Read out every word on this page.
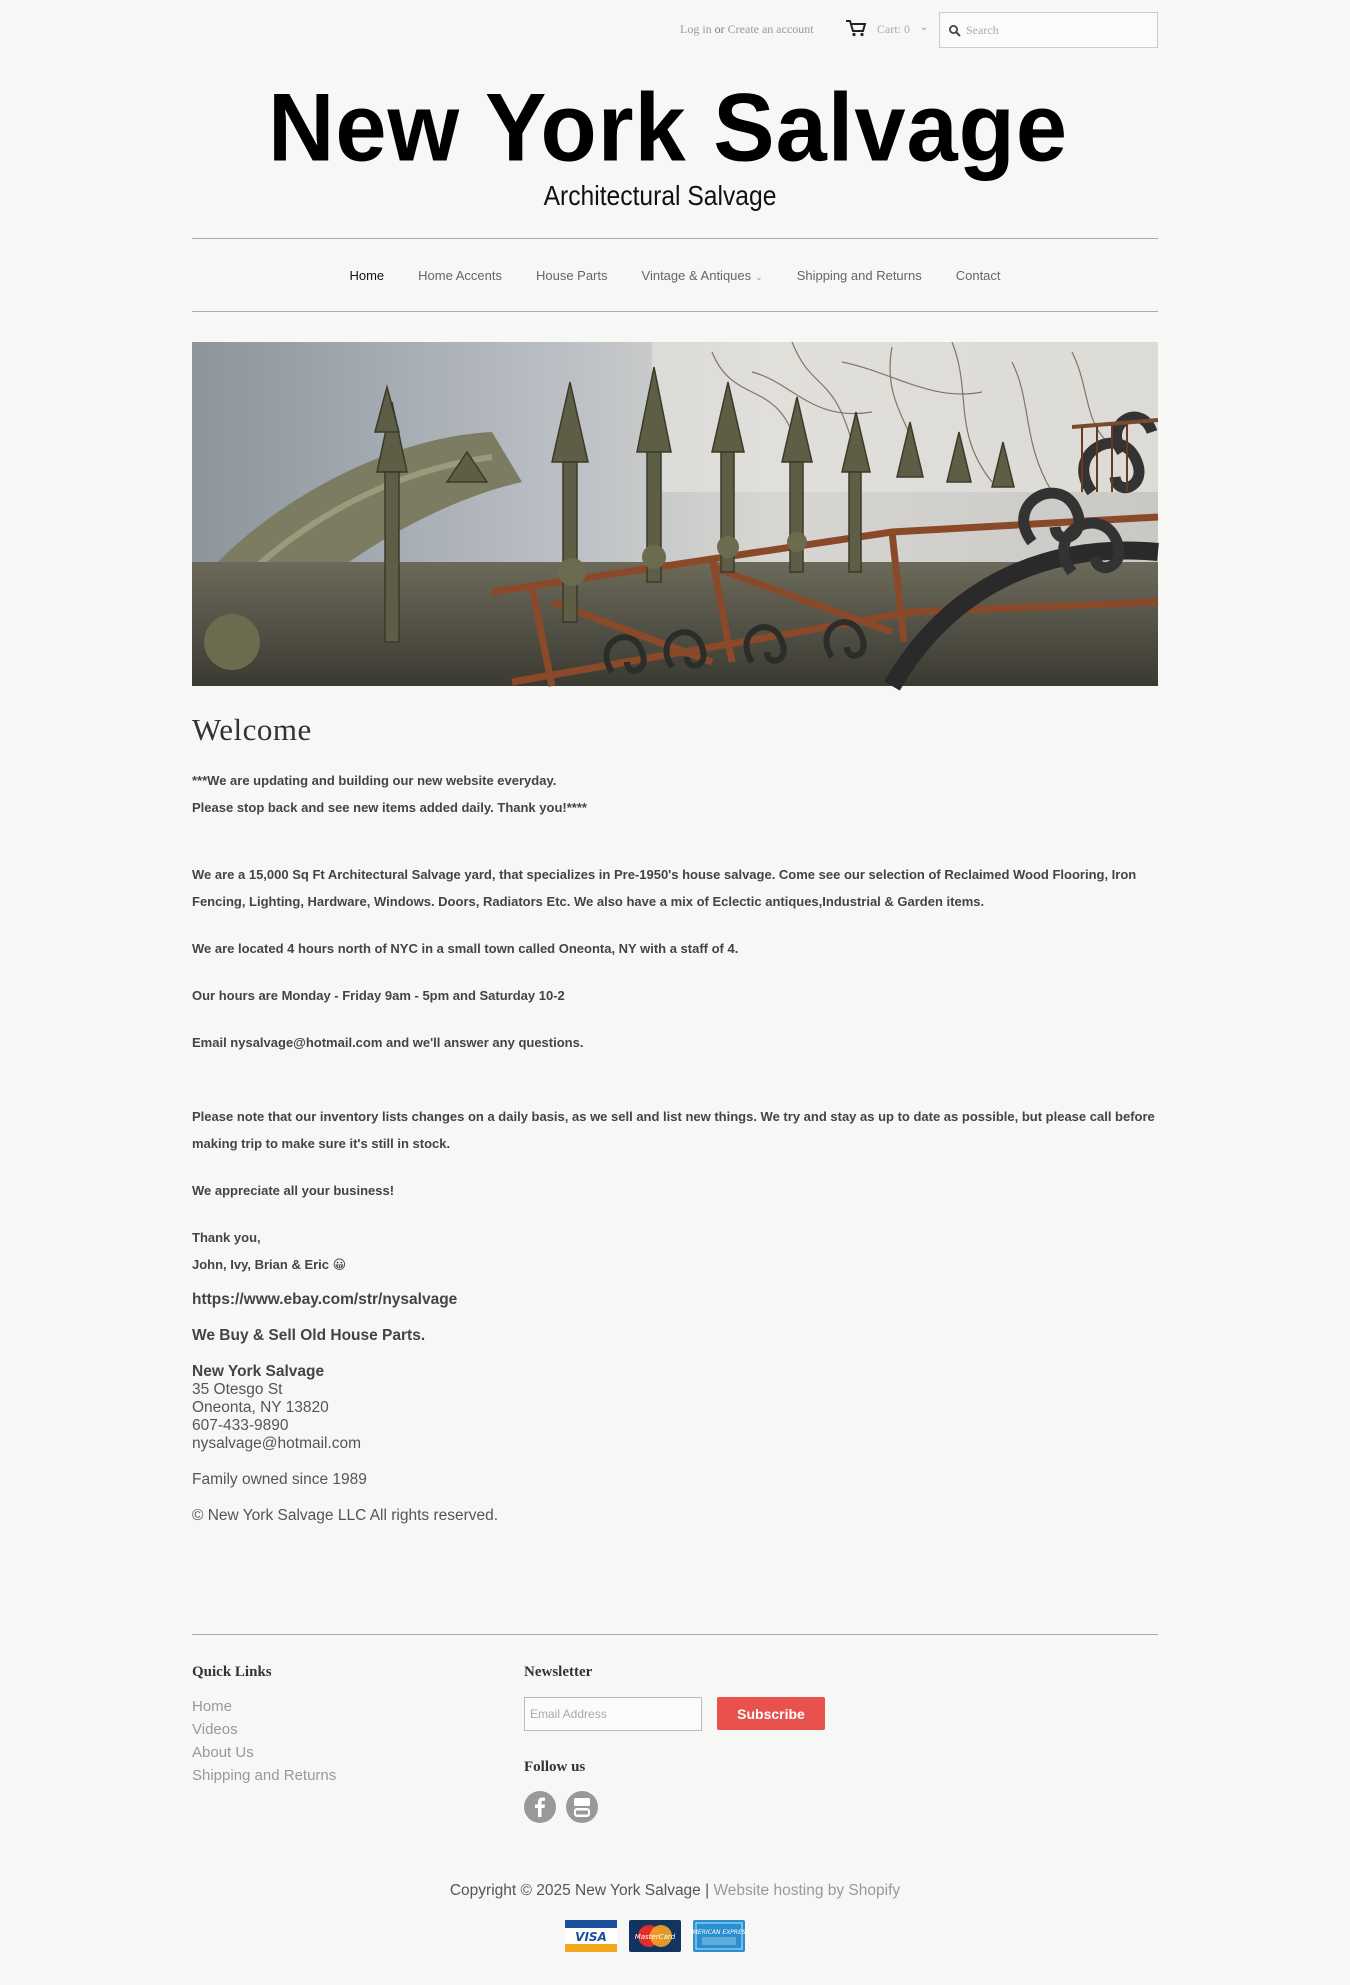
Log in or Create an account	Cart: 0 ⌄
Search
New York Salvage
Architectural Salvage
Home	Home Accents	House Parts	Vintage & Antiques ⌄	Shipping and Returns	Contact
Welcome

***We are updating and building our new website everyday.

Please stop back and see new items added daily. Thank you!****

We are a 15,000 Sq Ft Architectural Salvage yard, that specializes in Pre-1950's house salvage. Come see our selection of Reclaimed Wood Flooring, Iron Fencing, Lighting, Hardware, Windows. Doors, Radiators Etc. We also have a mix of Eclectic antiques,Industrial & Garden items.

We are located 4 hours north of NYC in a small town called Oneonta, NY with a staff of 4.

Our hours are Monday - Friday 9am - 5pm and Saturday 10-2

Email nysalvage@hotmail.com and we'll answer any questions.

Please note that our inventory lists changes on a daily basis, as we sell and list new things. We try and stay as up to date as possible, but please call before making trip to make sure it's still in stock.

We appreciate all your business!

Thank you,

John, Ivy, Brian & Eric 😀

https://www.ebay.com/str/nysalvage

We Buy & Sell Old House Parts.

New York Salvage
35 Otesgo St
Oneonta, NY 13820
607-433-9890
nysalvage@hotmail.com

Family owned since 1989

© New York Salvage LLC All rights reserved.

Quick Links
Home
Videos
About Us
Shipping and Returns
Newsletter
Email Address
Subscribe
Follow us
Copyright © 2025 New York Salvage | Website hosting by Shopify
VISA	MasterCard
AMERICAN EXPRESS
